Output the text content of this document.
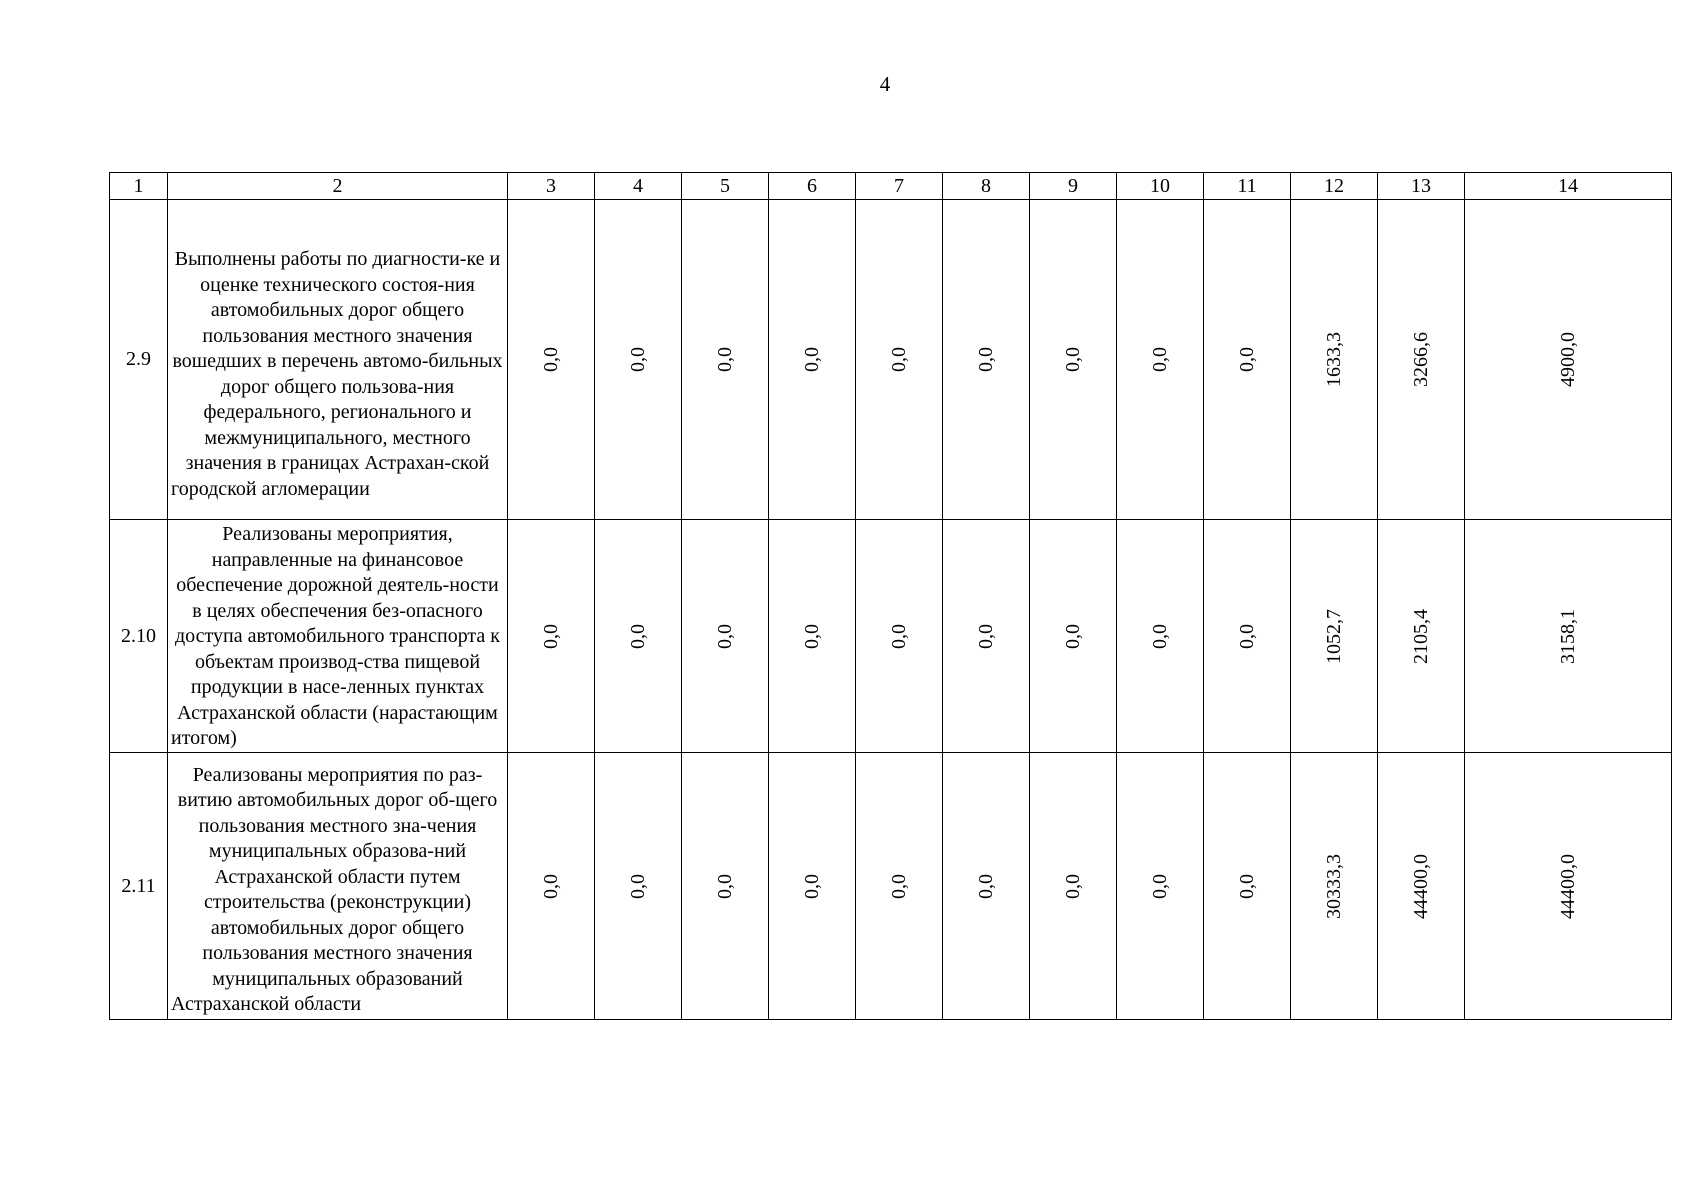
4
1	2	3	4	5	6	7	8	9	10	11	12	13	14
2.9	Выполнены работы по диагности-ке и оценке технического состоя-ния автомобильных дорог общего пользования местного значения вошедших в перечень автомо-бильных дорог общего пользова-ния федерального, регионального и межмуниципального, местного значения в границах Астрахан-ской городской агломерации	0,0	0,0	0,0	0,0	0,0	0,0	0,0	0,0	0,0	1633,3	3266,6	4900,0
2.10	Реализованы мероприятия, направленные на финансовое обеспечение дорожной деятель-ности в целях обеспечения без-опасного доступа автомобильного транспорта к объектам производ-ства пищевой продукции в насе-ленных пунктах Астраханской области (нарастающим итогом)	0,0	0,0	0,0	0,0	0,0	0,0	0,0	0,0	0,0	1052,7	2105,4	3158,1
2.11	Реализованы мероприятия по раз-витию автомобильных дорог об-щего пользования местного зна-чения муниципальных образова-ний Астраханской области путем строительства (реконструкции) автомобильных дорог общего пользования местного значения муниципальных образований Астраханской области	0,0	0,0	0,0	0,0	0,0	0,0	0,0	0,0	0,0	30333,3	44400,0	44400,0
